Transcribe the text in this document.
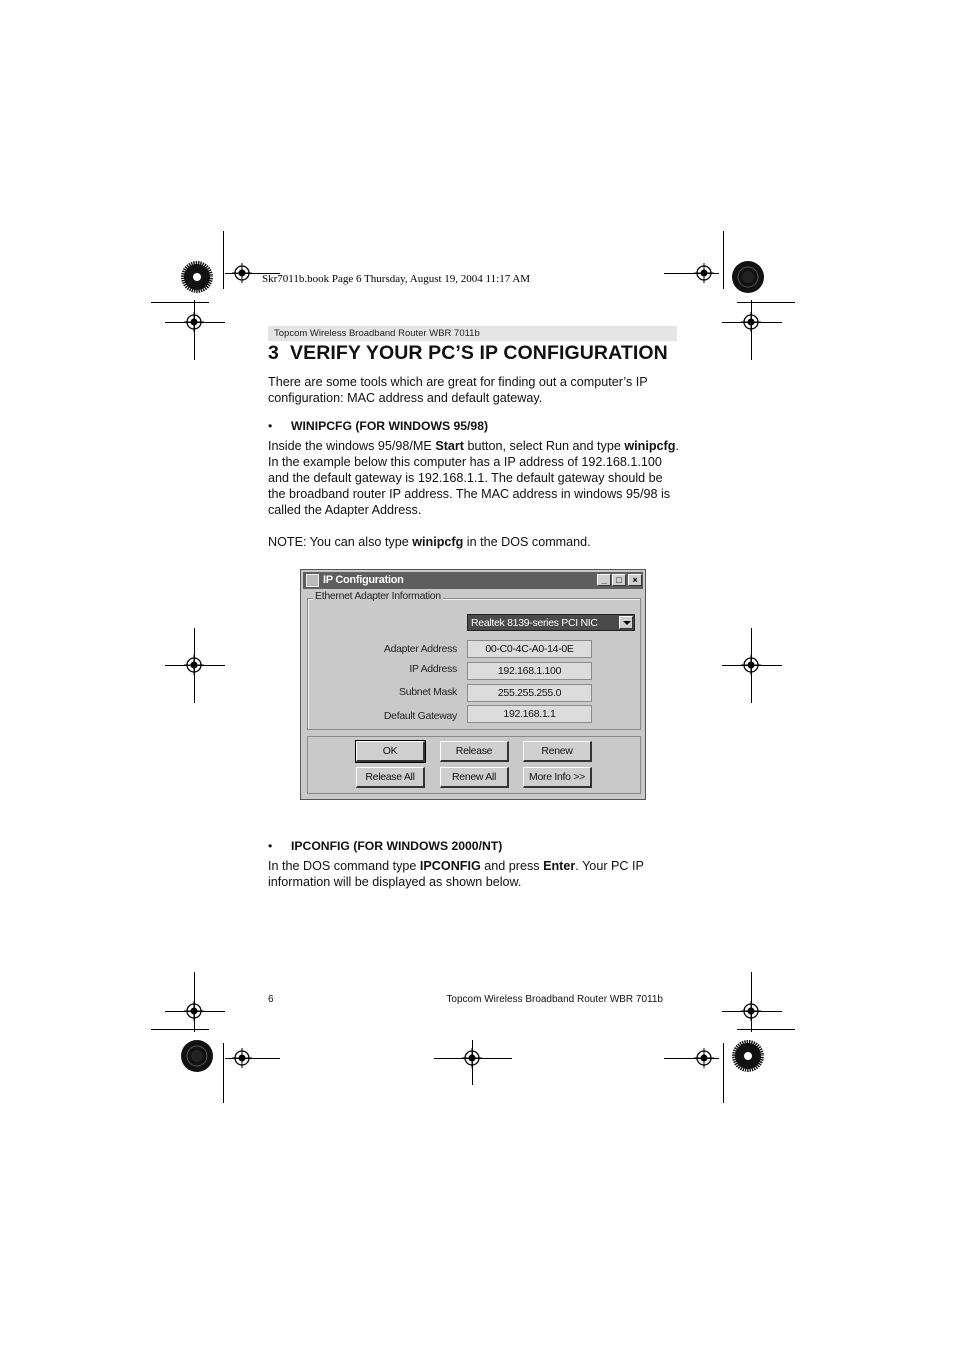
Skr7011b.book Page 6 Thursday, August 19, 2004 11:17 AM
Topcom Wireless Broadband Router WBR 7011b
3 VERIFY YOUR PC’S IP CONFIGURATION
There are some tools which are great for finding out a computer’s IP configuration: MAC address and default gateway.
• WINIPCFG (FOR WINDOWS 95/98)
Inside the windows 95/98/ME Start button, select Run and type winipcfg. In the example below this computer has a IP address of 192.168.1.100 and the default gateway is 192.168.1.1. The default gateway should be the broadband router IP address. The MAC address in windows 95/98 is called the Adapter Address.
NOTE: You can also type winipcfg in the DOS command.
IP Configuration	_	□	×
Ethernet Adapter Information
Realtek 8139-series PCI NIC
Adapter Address	00-C0-4C-A0-14-0E
IP Address	192.168.1.100
Subnet Mask	255.255.255.0
Default Gateway	192.168.1.1
OK	Release	Renew
Release All	Renew All	More Info >>
• IPCONFIG (FOR WINDOWS 2000/NT)
In the DOS command type IPCONFIG and press Enter. Your PC IP information will be displayed as shown below.
6	Topcom Wireless Broadband Router WBR 7011b
